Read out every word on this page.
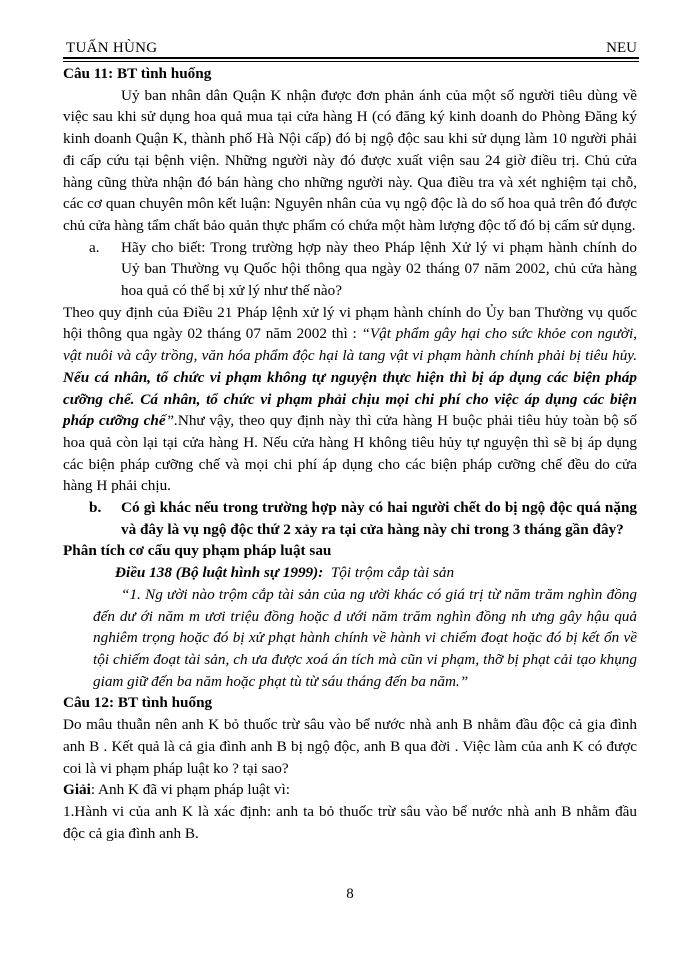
TUẤN HÙNG	NEU

Câu 11: BT tình huống

Uỷ ban nhân dân Quận K nhận được đơn phản ánh của một số người tiêu dùng về việc sau khi sử dụng hoa quả mua tại cửa hàng H (có đăng ký kinh doanh do Phòng Đăng ký kinh doanh Quận K, thành phố Hà Nội cấp) đó bị ngộ độc sau khi sử dụng làm 10 người phải đi cấp cứu tại bệnh viện. Những người này đó được xuất viện sau 24 giờ điều trị. Chủ cửa hàng cũng thừa nhận đó bán hàng cho những người này. Qua điều tra và xét nghiệm tại chỗ, các cơ quan chuyên môn kết luận: Nguyên nhân của vụ ngộ độc là do số hoa quả trên đó được chủ cửa hàng tẩm chất bảo quản thực phẩm có chứa một hàm lượng độc tố đó bị cấm sử dụng.

a.	Hãy cho biết: Trong trường hợp này theo Pháp lệnh Xử lý vi phạm hành chính do Uỷ ban Thường vụ Quốc hội thông qua ngày 02 tháng 07 năm 2002, chủ cửa hàng hoa quả có thể bị xử lý như thế nào?

Theo quy định của Điều 21 Pháp lệnh xử lý vi phạm hành chính do Ủy ban Thường vụ quốc hội thông qua ngày 02 tháng 07 năm 2002 thì : “Vật phẩm gây hại cho sức khỏe con người, vật nuôi và cây trồng, văn hóa phẩm độc hại là tang vật vi phạm hành chính phải bị tiêu hủy. Nếu cá nhân, tổ chức vi phạm không tự nguyện thực hiện thì bị áp dụng các biện pháp cưỡng chế. Cá nhân, tổ chức vi phạm phải chịu mọi chi phí cho việc áp dụng các biện pháp cưỡng chế”.Như vậy, theo quy định này thì cửa hàng H buộc phải tiêu hủy toàn bộ số hoa quả còn lại tại cửa hàng H. Nếu cửa hàng H không tiêu hủy tự nguyện thì sẽ bị áp dụng các biện pháp cưỡng chế và mọi chi phí áp dụng cho các biện pháp cưỡng chế đều do cửa hàng H phải chịu.

b.	Có gì khác nếu trong trường hợp này có hai người chết do bị ngộ độc quá nặng và đây là vụ ngộ độc thứ 2 xảy ra tại cửa hàng này chỉ trong 3 tháng gần đây?

Phân tích cơ cấu quy phạm pháp luật sau

Điều 138 (Bộ luật hình sự 1999): Tội trộm cắp tài sản

“1. Ng ười nào trộm cắp tài sản của ng ười khác có giá trị từ năm trăm nghìn đồng đến dư ới năm m ươi triệu đồng hoặc d ưới năm trăm nghìn đồng nh ưng gây hậu quả nghiêm trọng hoặc đó bị xử phạt hành chính về hành vi chiếm đoạt hoặc đó bị kết ổn về tội chiếm đoạt tài sản, ch ưa được xoá án tích mà cũn vi phạm, thỡ bị phạt cải tạo khụng giam giữ đến ba năm hoặc phạt tù từ sáu tháng đến ba năm.”

Câu 12: BT tình huống

Do mâu thuẫn nên anh K bỏ thuốc trừ sâu vào bể nước nhà anh B nhằm đầu độc cả gia đình anh B . Kết quả là cả gia đình anh B bị ngộ độc, anh B qua đời . Việc làm của anh K có được coi là vi phạm pháp luật ko ? tại sao?

Giải: Anh K đã vi phạm pháp luật vì:

1.Hành vi của anh K là xác định: anh ta bỏ thuốc trừ sâu vào bể nước nhà anh B nhằm đầu độc cả gia đình anh B.

8
